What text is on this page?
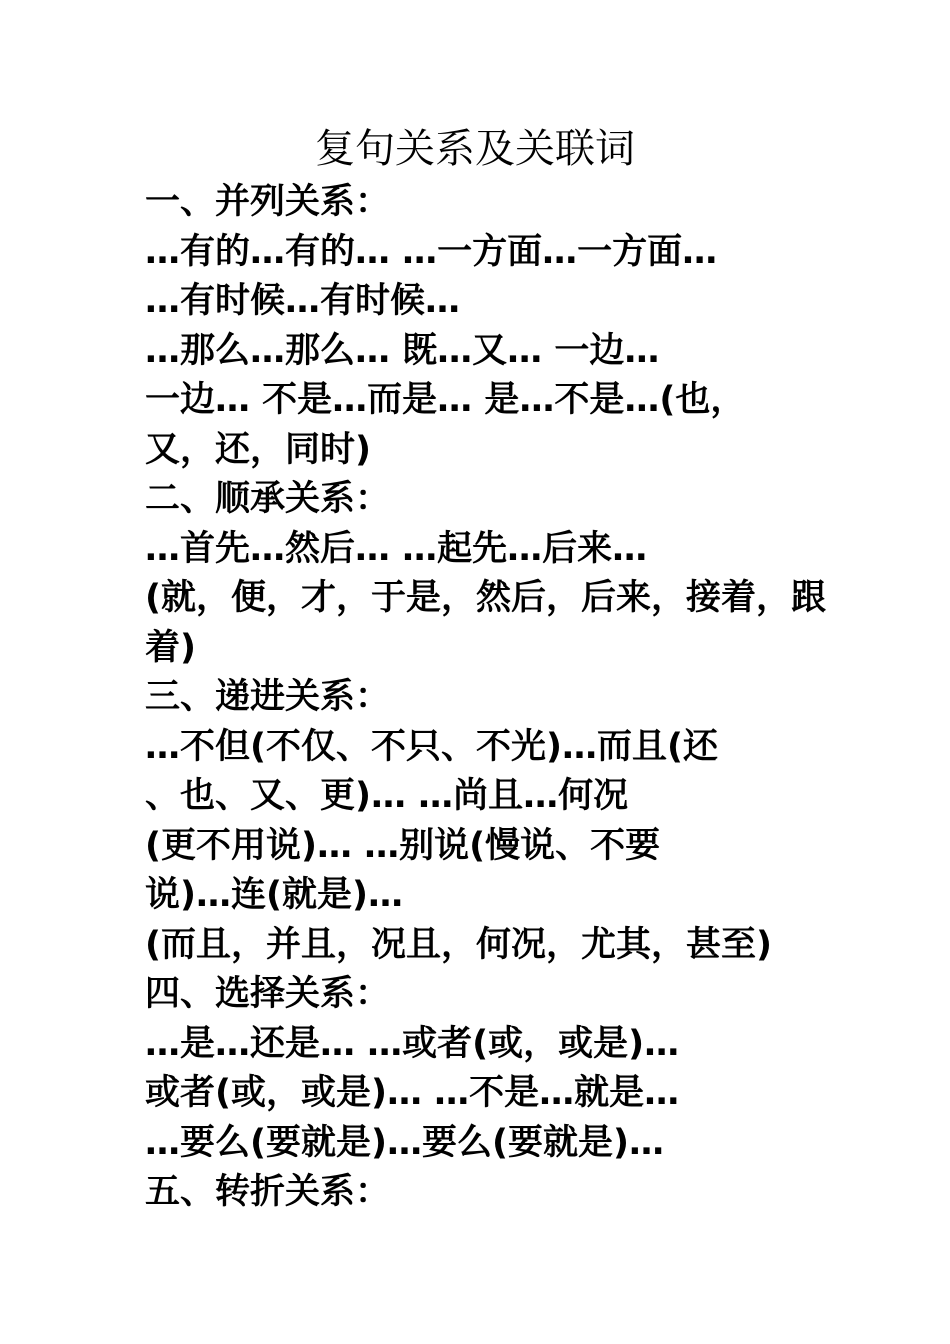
复句关系及关联词
一、并列关系：
…有的…有的… …一方面…一方面…
…有时候…有时候…
…那么…那么… 既…又… 一边…
一边… 不是…而是… 是…不是…(也，
又，还，同时)
二、顺承关系：
…首先…然后… …起先…后来…
(就，便，才，于是，然后，后来，接着，跟
着)
三、递进关系：
…不但(不仅、不只、不光)…而且(还
、也、又、更)… …尚且…何况
(更不用说)… …别说(慢说、不要
说)…连(就是)…
(而且，并且，况且，何况，尤其，甚至)
四、选择关系：
…是…还是… …或者(或，或是)…
或者(或，或是)… …不是…就是…
…要么(要就是)…要么(要就是)…
五、转折关系：
